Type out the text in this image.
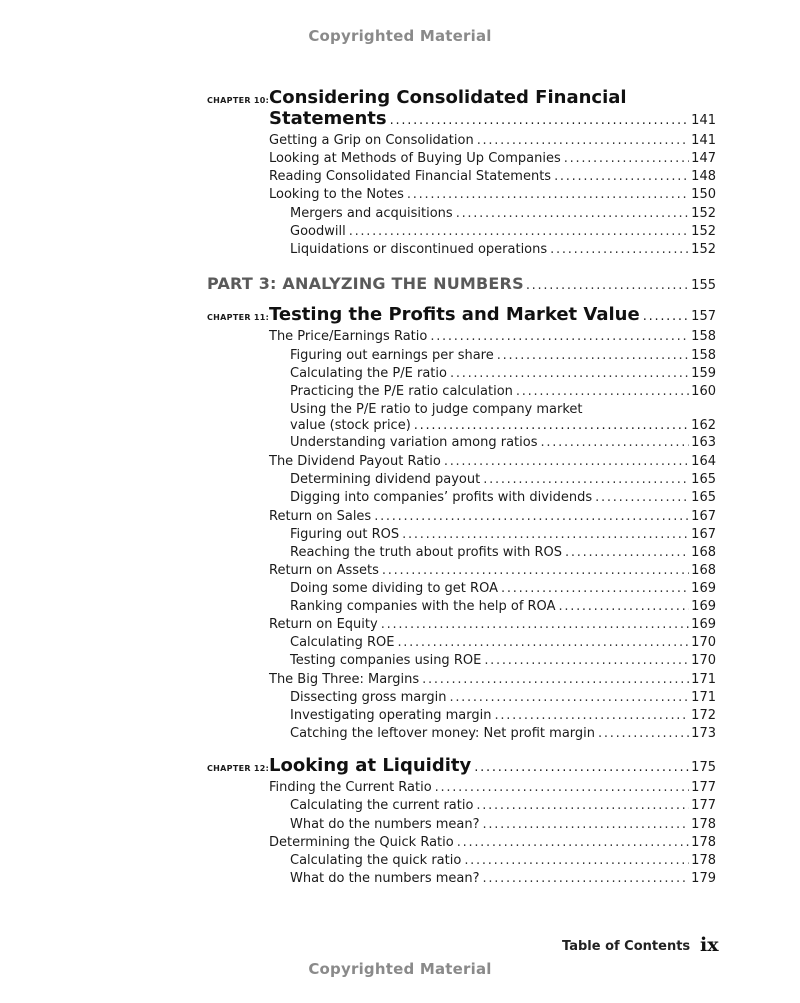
Copyrighted Material
CHAPTER 10:Considering Consolidated Financial
Statements . . .	141
Getting a Grip on Consolidation . . .	141
Looking at Methods of Buying Up Companies . . .	147
Reading Consolidated Financial Statements . . .	148
Looking to the Notes . . .	150
Mergers and acquisitions . . .	152
Goodwill . . .	152
Liquidations or discontinued operations . . .	152
PART 3: ANALYZING THE NUMBERS . . .	155
CHAPTER 11: Testing the Profits and Market Value . . .	157
The Price/Earnings Ratio . . .	158
Figuring out earnings per share . . .	158
Calculating the P/E ratio . . .	159
Practicing the P/E ratio calculation . . .	160
Using the P/E ratio to judge company market
value (stock price) . . .	162
Understanding variation among ratios . . .	163
The Dividend Payout Ratio . . .	164
Determining dividend payout . . .	165
Digging into companies’ profits with dividends . . .	165
Return on Sales . . .	167
Figuring out ROS . . .	167
Reaching the truth about profits with ROS . . .	168
Return on Assets . . .	168
Doing some dividing to get ROA . . .	169
Ranking companies with the help of ROA . . .	169
Return on Equity . . .	169
Calculating ROE . . .	170
Testing companies using ROE . . .	170
The Big Three: Margins . . .	171
Dissecting gross margin . . .	171
Investigating operating margin . . .	172
Catching the leftover money: Net profit margin . . .	173
CHAPTER 12: Looking at Liquidity . . .	175
Finding the Current Ratio . . .	177
Calculating the current ratio . . .	177
What do the numbers mean? . . .	178
Determining the Quick Ratio . . .	178
Calculating the quick ratio . . .	178
What do the numbers mean? . . .	179
Table of Contents ix
Copyrighted Material
